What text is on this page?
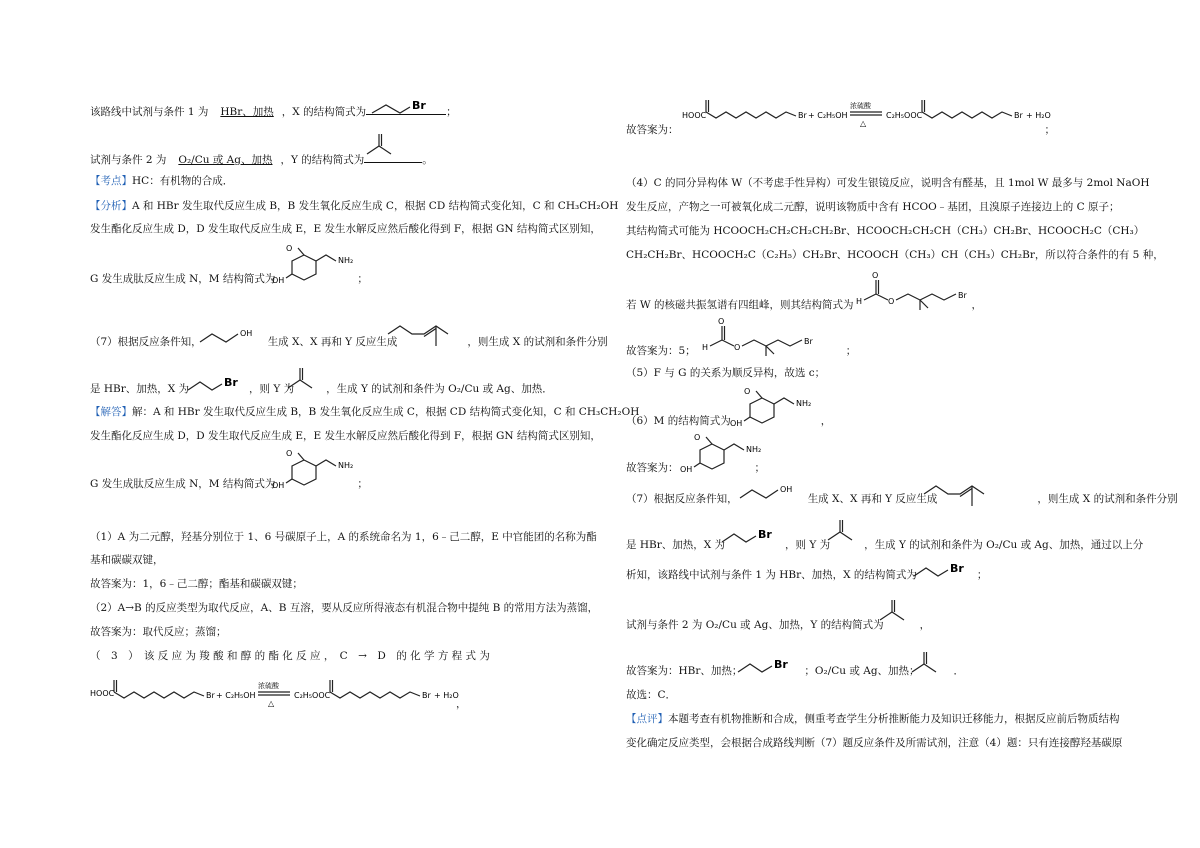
该路线中试剂与条件 1 为 HBr、加热 ，X 的结构简式为	；
Br
试剂与条件 2 为 O₂/Cu 或 Ag、加热 ，Y 的结构简式为	。
【考点】HC：有机物的合成．
【分析】A 和 HBr 发生取代反应生成 B，B 发生氧化反应生成 C，根据 CD 结构简式变化知，C 和 CH₃CH₂OH
发生酯化反应生成 D，D 发生取代反应生成 E，E 发生水解反应然后酸化得到 F，根据 GN 结构简式区别知，
O
OH
NH₂
G 发生成肽反应生成 N，M 结构简式为	；
OH
（7）根据反应条件知，	生成 X、X 再和 Y 反应生成	，则生成 X 的试剂和条件分别
Br
是 HBr、加热，X 为	，则 Y 为	，生成 Y 的试剂和条件为 O₂/Cu 或 Ag、加热．
【解答】解：A 和 HBr 发生取代反应生成 B，B 发生氧化反应生成 C，根据 CD 结构简式变化知，C 和 CH₃CH₂OH
发生酯化反应生成 D，D 发生取代反应生成 E，E 发生水解反应然后酸化得到 F，根据 GN 结构简式区别知，
O
OH
NH₂
G 发生成肽反应生成 N，M 结构简式为	；
（1）A 为二元醇，羟基分别位于 1、6 号碳原子上，A 的系统命名为 1，6﹣己二醇，E 中官能团的名称为酯
基和碳碳双键，
故答案为：1，6﹣己二醇；酯基和碳碳双键；
（2）A→B 的反应类型为取代反应，A、B 互溶，要从反应所得液态有机混合物中提纯 B 的常用方法为蒸馏，
故答案为：取代反应；蒸馏；
（　3　）　该 反 应 为 羧 酸 和 醇 的 酯 化 反 应 ，　C　→　D　的 化 学 方 程 式 为
HOOC	Br + C₂H₅OH
浓硫酸
△
C₂H₅OOC	Br + H₂O
，
HOOC	Br + C₂H₅OH
浓硫酸
△
C₂H₅OOC	Br + H₂O
故答案为：	；
（4）C 的同分异构体 W（不考虑手性异构）可发生银镜反应，说明含有醛基，且 1mol W 最多与 2mol NaOH
发生反应，产物之一可被氧化成二元醇，说明该物质中含有 HCOO﹣基团，且溴原子连接边上的 C 原子；
其结构简式可能为 HCOOCH₂CH₂CH₂CH₂Br、HCOOCH₂CH₂CH（CH₃）CH₂Br、HCOOCH₂C（CH₃）
CH₂CH₂Br、HCOOCH₂C（C₂H₅）CH₂Br、HCOOCH（CH₃）CH（CH₃）CH₂Br，所以符合条件的有 5 种，
H
O
O
Br
若 W 的核磁共振氢谱有四组峰，则其结构简式为	，
H
O
O
Br
故答案为：5；	；
（5）F 与 G 的关系为顺反异构，故选 c；
O
OH
NH₂
（6）M 的结构简式为	，
O
OH
NH₂
故答案为：	；
OH
（7）根据反应条件知，	生成 X、X 再和 Y 反应生成	，则生成 X 的试剂和条件分别
Br
是 HBr、加热，X 为	，则 Y 为	，生成 Y 的试剂和条件为 O₂/Cu 或 Ag、加热，通过以上分
Br
析知，该路线中试剂与条件 1 为 HBr、加热，X 的结构简式为	；
试剂与条件 2 为 O₂/Cu 或 Ag、加热，Y 的结构简式为	，
Br
故答案为：HBr、加热；	；O₂/Cu 或 Ag、加热；	．
故选：C．
【点评】本题考查有机物推断和合成，侧重考查学生分析推断能力及知识迁移能力，根据反应前后物质结构
变化确定反应类型，会根据合成路线判断（7）题反应条件及所需试剂，注意（4）题：只有连接醇羟基碳原
